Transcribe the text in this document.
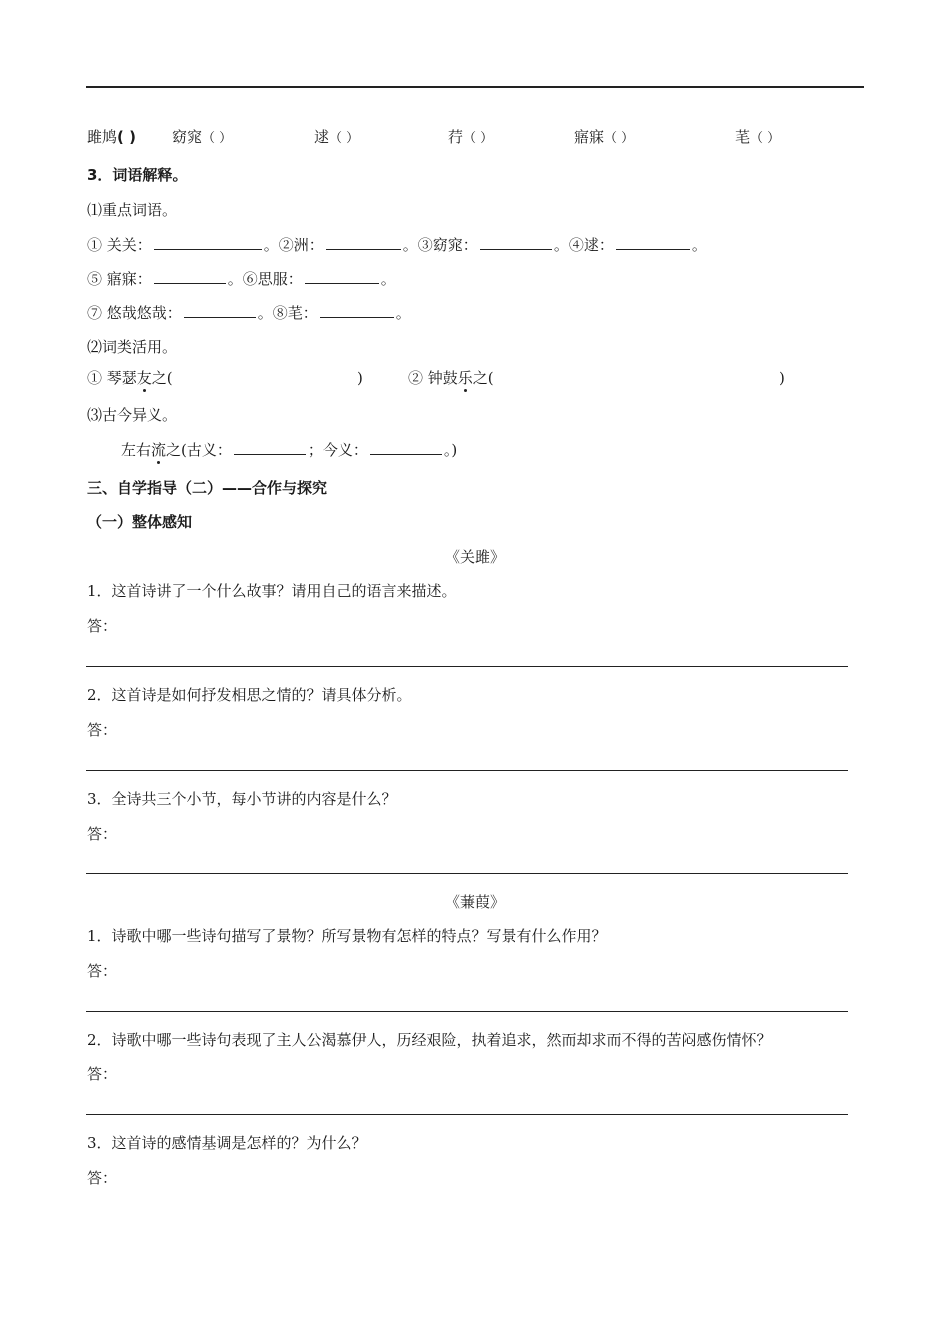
雎鸠( ) 窈窕（ ）	逑（ ）	荇（ ）	寤寐（ ）	芼（ ）
3．词语解释。
⑴重点词语。
① 关关：	。②洲：	。③窈窕：	。④逑：	。
⑤ 寤寐：	。⑥思服：	。
⑦ 悠哉悠哉：	。⑧芼：	。
⑵词类活用。
① 琴瑟友之(	)	② 钟鼓乐之(	)
⑶古今异义。
左右流之(古义：	；今义：	。)
三、自学指导（二）——合作与探究
（一）整体感知
《关雎》
1．这首诗讲了一个什么故事？请用自己的语言来描述。
答：
2．这首诗是如何抒发相思之情的？请具体分析。
答：
3．全诗共三个小节，每小节讲的内容是什么？
答：
《蒹葭》
1．诗歌中哪一些诗句描写了景物？所写景物有怎样的特点？写景有什么作用？
答：
2．诗歌中哪一些诗句表现了主人公渴慕伊人，历经艰险，执着追求，然而却求而不得的苦闷感伤情怀？
答：
3．这首诗的感情基调是怎样的？为什么？
答：
